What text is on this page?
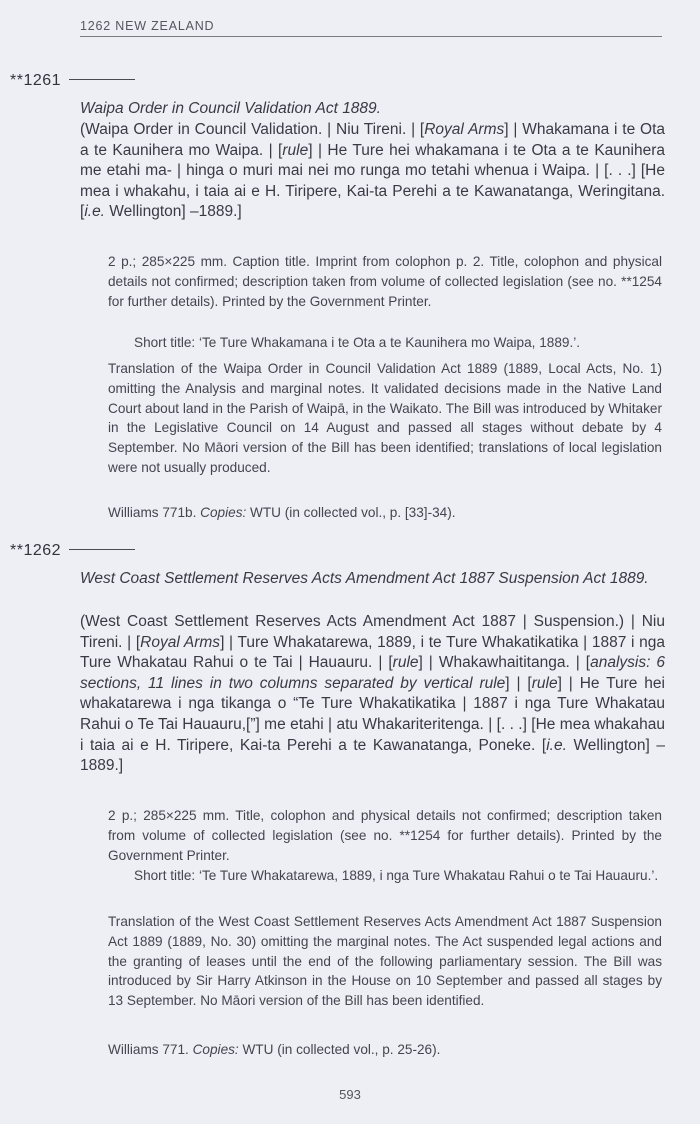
1262 NEW ZEALAND
**1261
Waipa Order in Council Validation Act 1889.
(Waipa Order in Council Validation. | Niu Tireni. | [Royal Arms] | Whakamana i te Ota a te Kaunihera mo Waipa. | [rule] | He Ture hei whakamana i te Ota a te Kaunihera me etahi ma- | hinga o muri mai nei mo runga mo tetahi whenua i Waipa. | [. . .] [He mea i whakahu, i taia ai e H. Tiripere, Kai-ta Perehi a te Kawanatanga, Weringitana. [i.e. Wellington] –1889.]
2 p.; 285×225 mm. Caption title. Imprint from colophon p. 2. Title, colophon and physical details not confirmed; description taken from volume of collected legislation (see no. **1254 for further details). Printed by the Government Printer.
Short title: ‘Te Ture Whakamana i te Ota a te Kaunihera mo Waipa, 1889.’.
Translation of the Waipa Order in Council Validation Act 1889 (1889, Local Acts, No. 1) omitting the Analysis and marginal notes. It validated decisions made in the Native Land Court about land in the Parish of Waipā, in the Waikato. The Bill was introduced by Whitaker in the Legislative Council on 14 August and passed all stages without debate by 4 September. No Māori version of the Bill has been identified; translations of local legislation were not usually produced.
Williams 771b. Copies: WTU (in collected vol., p. [33]-34).
**1262
West Coast Settlement Reserves Acts Amendment Act 1887 Suspension Act 1889.
(West Coast Settlement Reserves Acts Amendment Act 1887 | Suspension.) | Niu Tireni. | [Royal Arms] | Ture Whakatarewa, 1889, i te Ture Whakatikatika | 1887 i nga Ture Whakatau Rahui o te Tai | Hauauru. | [rule] | Whakawhaititanga. | [analysis: 6 sections, 11 lines in two columns separated by vertical rule] | [rule] | He Ture hei whakatarewa i nga tikanga o “Te Ture Whakatikatika | 1887 i nga Ture Whakatau Rahui o Te Tai Hauauru,[”] me etahi | atu Whakariteritenga. | [. . .] [He mea whakahau i taia ai e H. Tiripere, Kai-ta Perehi a te Kawanatanga, Poneke. [i.e. Wellington] –1889.]
2 p.; 285×225 mm. Title, colophon and physical details not confirmed; description taken from volume of collected legislation (see no. **1254 for further details). Printed by the Government Printer.
Short title: ‘Te Ture Whakatarewa, 1889, i nga Ture Whakatau Rahui o te Tai Hauauru.’.
Translation of the West Coast Settlement Reserves Acts Amendment Act 1887 Suspension Act 1889 (1889, No. 30) omitting the marginal notes. The Act suspended legal actions and the granting of leases until the end of the following parliamentary session. The Bill was introduced by Sir Harry Atkinson in the House on 10 September and passed all stages by 13 September. No Māori version of the Bill has been identified.
Williams 771. Copies: WTU (in collected vol., p. 25-26).
593
